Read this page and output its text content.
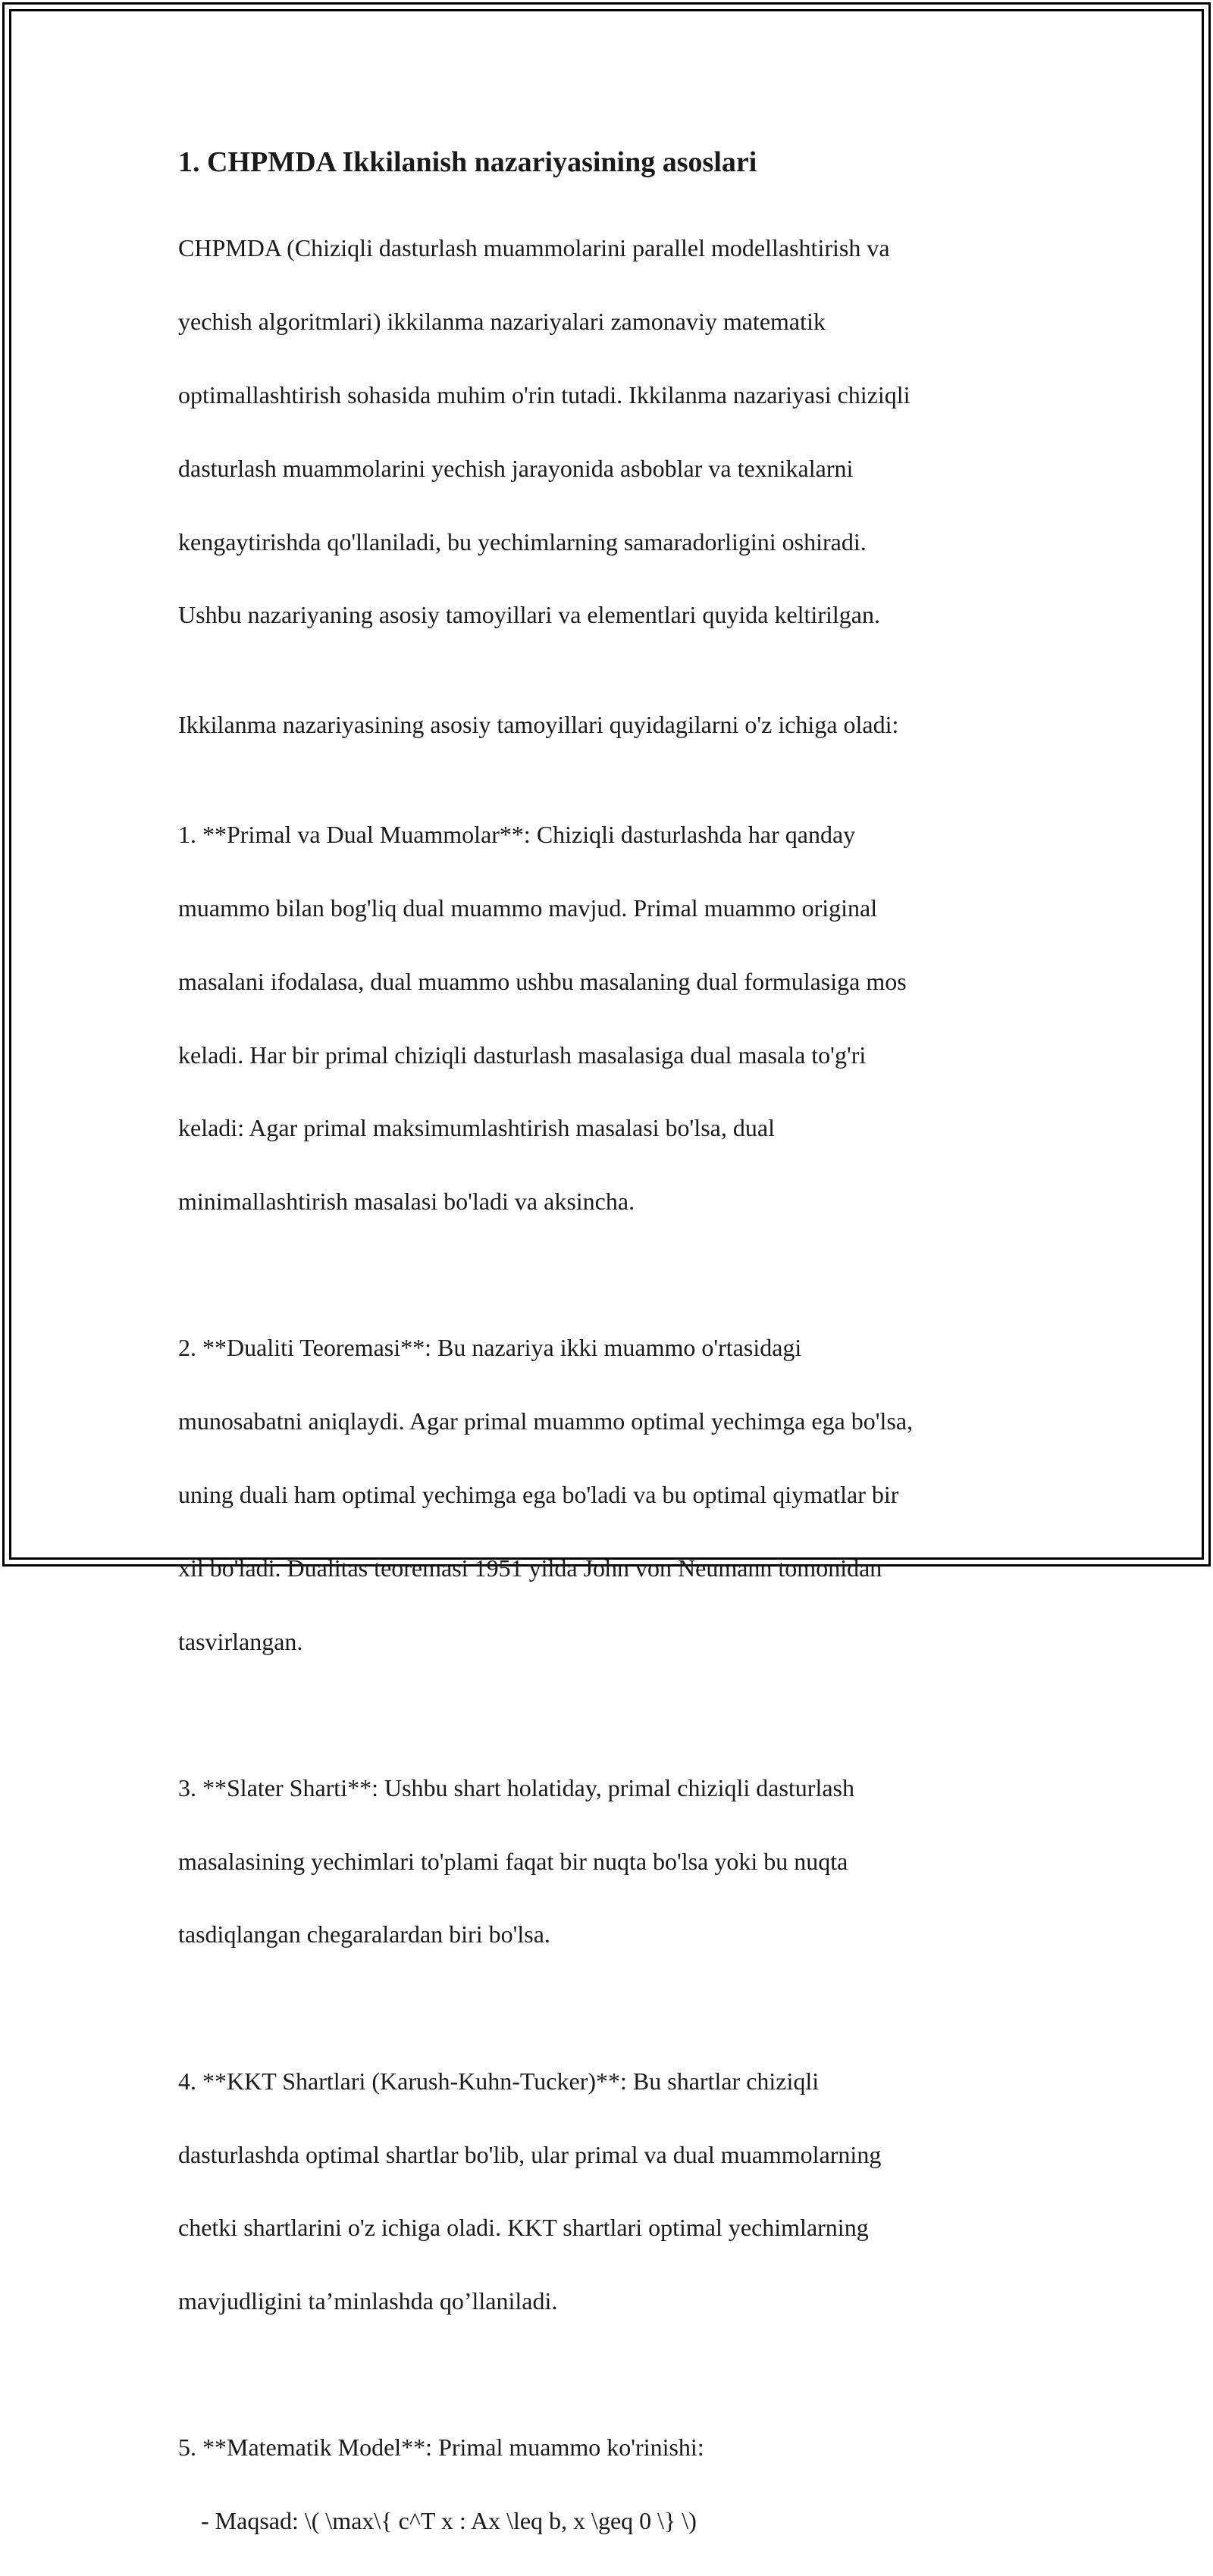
1. CHPMDA Ikkilanish nazariyasining asoslari

CHPMDA (Chiziqli dasturlash muammolarini parallel modellashtirish va

yechish algoritmlari) ikkilanma nazariyalari zamonaviy matematik

optimallashtirish sohasida muhim o'rin tutadi. Ikkilanma nazariyasi chiziqli

dasturlash muammolarini yechish jarayonida asboblar va texnikalarni

kengaytirishda qo'llaniladi, bu yechimlarning samaradorligini oshiradi.

Ushbu nazariyaning asosiy tamoyillari va elementlari quyida keltirilgan.

Ikkilanma nazariyasining asosiy tamoyillari quyidagilarni o'z ichiga oladi:

1. **Primal va Dual Muammolar**: Chiziqli dasturlashda har qanday

muammo bilan bog'liq dual muammo mavjud. Primal muammo original

masalani ifodalasa, dual muammo ushbu masalaning dual formulasiga mos

keladi. Har bir primal chiziqli dasturlash masalasiga dual masala to'g'ri

keladi: Agar primal maksimumlashtirish masalasi bo'lsa, dual

minimallashtirish masalasi bo'ladi va aksincha.

2. **Dualiti Teoremasi**: Bu nazariya ikki muammo o'rtasidagi

munosabatni aniqlaydi. Agar primal muammo optimal yechimga ega bo'lsa,

uning duali ham optimal yechimga ega bo'ladi va bu optimal qiymatlar bir

xil bo'ladi. Dualitas teoremasi 1951 yilda John von Neumann tomonidan

tasvirlangan.

3. **Slater Sharti**: Ushbu shart holatiday, primal chiziqli dasturlash

masalasining yechimlari to'plami faqat bir nuqta bo'lsa yoki bu nuqta

tasdiqlangan chegaralardan biri bo'lsa.

4. **KKT Shartlari (Karush-Kuhn-Tucker)**: Bu shartlar chiziqli

dasturlashda optimal shartlar bo'lib, ular primal va dual muammolarning

chetki shartlarini o'z ichiga oladi. KKT shartlari optimal yechimlarning

mavjudligini ta’minlashda qo’llaniladi.

5. **Matematik Model**: Primal muammo ko'rinishi:

- Maqsad: \( \max\{ c^T x : Ax \leq b, x \geq 0 \} \)
